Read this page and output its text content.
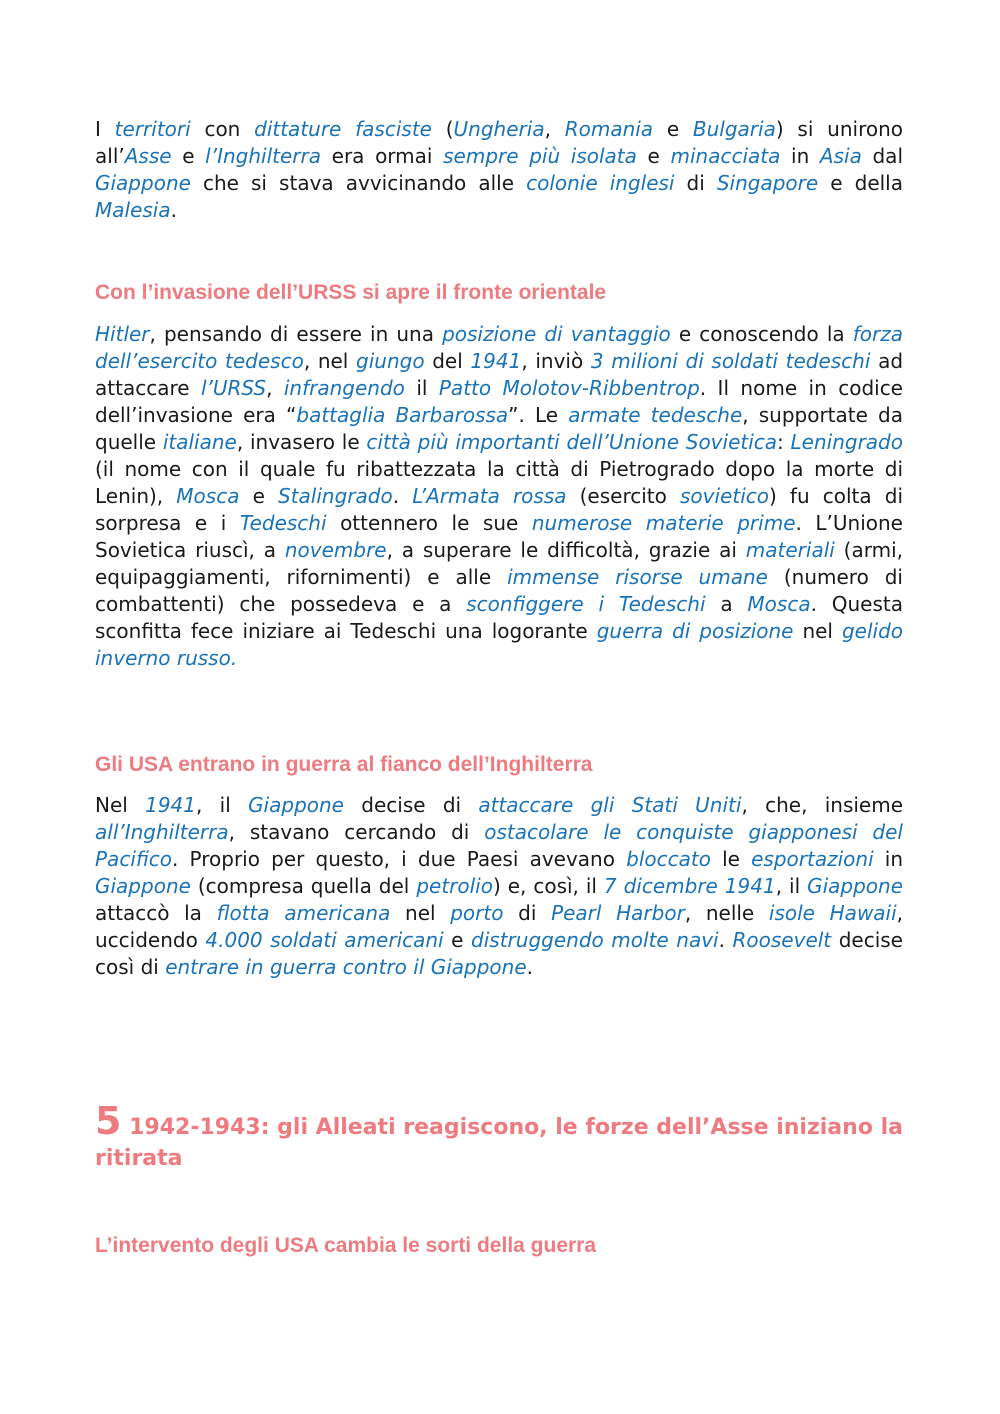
I territori con dittature fasciste (Ungheria, Romania e Bulgaria) si unirono all’Asse e l’Inghilterra era ormai sempre più isolata e minacciata in Asia dal Giappone che si stava avvicinando alle colonie inglesi di Singapore e della Malesia.

Con l’invasione dell’URSS si apre il fronte orientale

Hitler, pensando di essere in una posizione di vantaggio e conoscendo la forza dell’esercito tedesco, nel giungo del 1941, inviò 3 milioni di soldati tedeschi ad attaccare l’URSS, infrangendo il Patto Molotov-Ribbentrop. Il nome in codice dell’invasione era “battaglia Barbarossa”. Le armate tedesche, supportate da quelle italiane, invasero le città più importanti dell’Unione Sovietica: Leningrado (il nome con il quale fu ribattezzata la città di Pietrogrado dopo la morte di Lenin), Mosca e Stalingrado. L’Armata rossa (esercito sovietico) fu colta di sorpresa e i Tedeschi ottennero le sue numerose materie prime. L’Unione Sovietica riuscì, a novembre, a superare le difficoltà, grazie ai materiali (armi, equipaggiamenti, rifornimenti) e alle immense risorse umane (numero di combattenti) che possedeva e a sconfiggere i Tedeschi a Mosca. Questa sconfitta fece iniziare ai Tedeschi una logorante guerra di posizione nel gelido inverno russo.

Gli USA entrano in guerra al fianco dell’Inghilterra

Nel 1941, il Giappone decise di attaccare gli Stati Uniti, che, insieme all’Inghilterra, stavano cercando di ostacolare le conquiste giapponesi del Pacifico. Proprio per questo, i due Paesi avevano bloccato le esportazioni in Giappone (compresa quella del petrolio) e, così, il 7 dicembre 1941, il Giappone attaccò la flotta americana nel porto di Pearl Harbor, nelle isole Hawaii, uccidendo 4.000 soldati americani e distruggendo molte navi. Roosevelt decise così di entrare in guerra contro il Giappone.

5 1942-1943: gli Alleati reagiscono, le forze dell’Asse iniziano la ritirata
L’intervento degli USA cambia le sorti della guerra
